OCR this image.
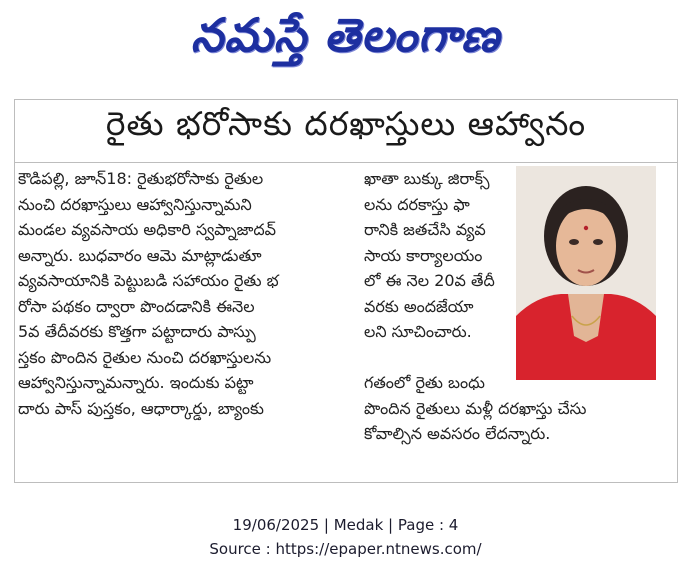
నమస్తే తెలంగాణ
రైతు భరోసాకు దరఖాస్తులు ఆహ్వానం
కౌడిపల్లి, జూన్18: రైతుభరోసాకు రైతుల
నుంచి దరఖాస్తులు ఆహ్వానిస్తున్నామని
మండల వ్యవసాయ అధికారి స్వప్నాజాదవ్
అన్నారు. బుధవారం ఆమె మాట్లాడుతూ
వ్యవసాయానికి పెట్టుబడి సహాయం రైతు భ
రోసా పథకం ద్వారా పొందడానికి ఈనెల
5వ తేదీవరకు కొత్తగా పట్టాదారు పాస్పు
స్తకం పొందిన రైతుల నుంచి దరఖాస్తులను
ఆహ్వానిస్తున్నామన్నారు. ఇందుకు పట్టా
దారు పాస్ పుస్తకం, ఆధార్కార్డు, బ్యాంకు
ఖాతా బుక్కు జిరాక్స్
లను దరకాస్తు ఫా
రానికి జతచేసి వ్యవ
సాయ కార్యాలయం
లో ఈ నెల 20వ తేదీ
వరకు అందజేయా
లని సూచించారు.
గతంలో రైతు బంధు
పొందిన రైతులు మళ్లీ దరఖాస్తు చేసు
కోవాల్సిన అవసరం లేదన్నారు.
19/06/2025 | Medak | Page : 4
Source : https://epaper.ntnews.com/
